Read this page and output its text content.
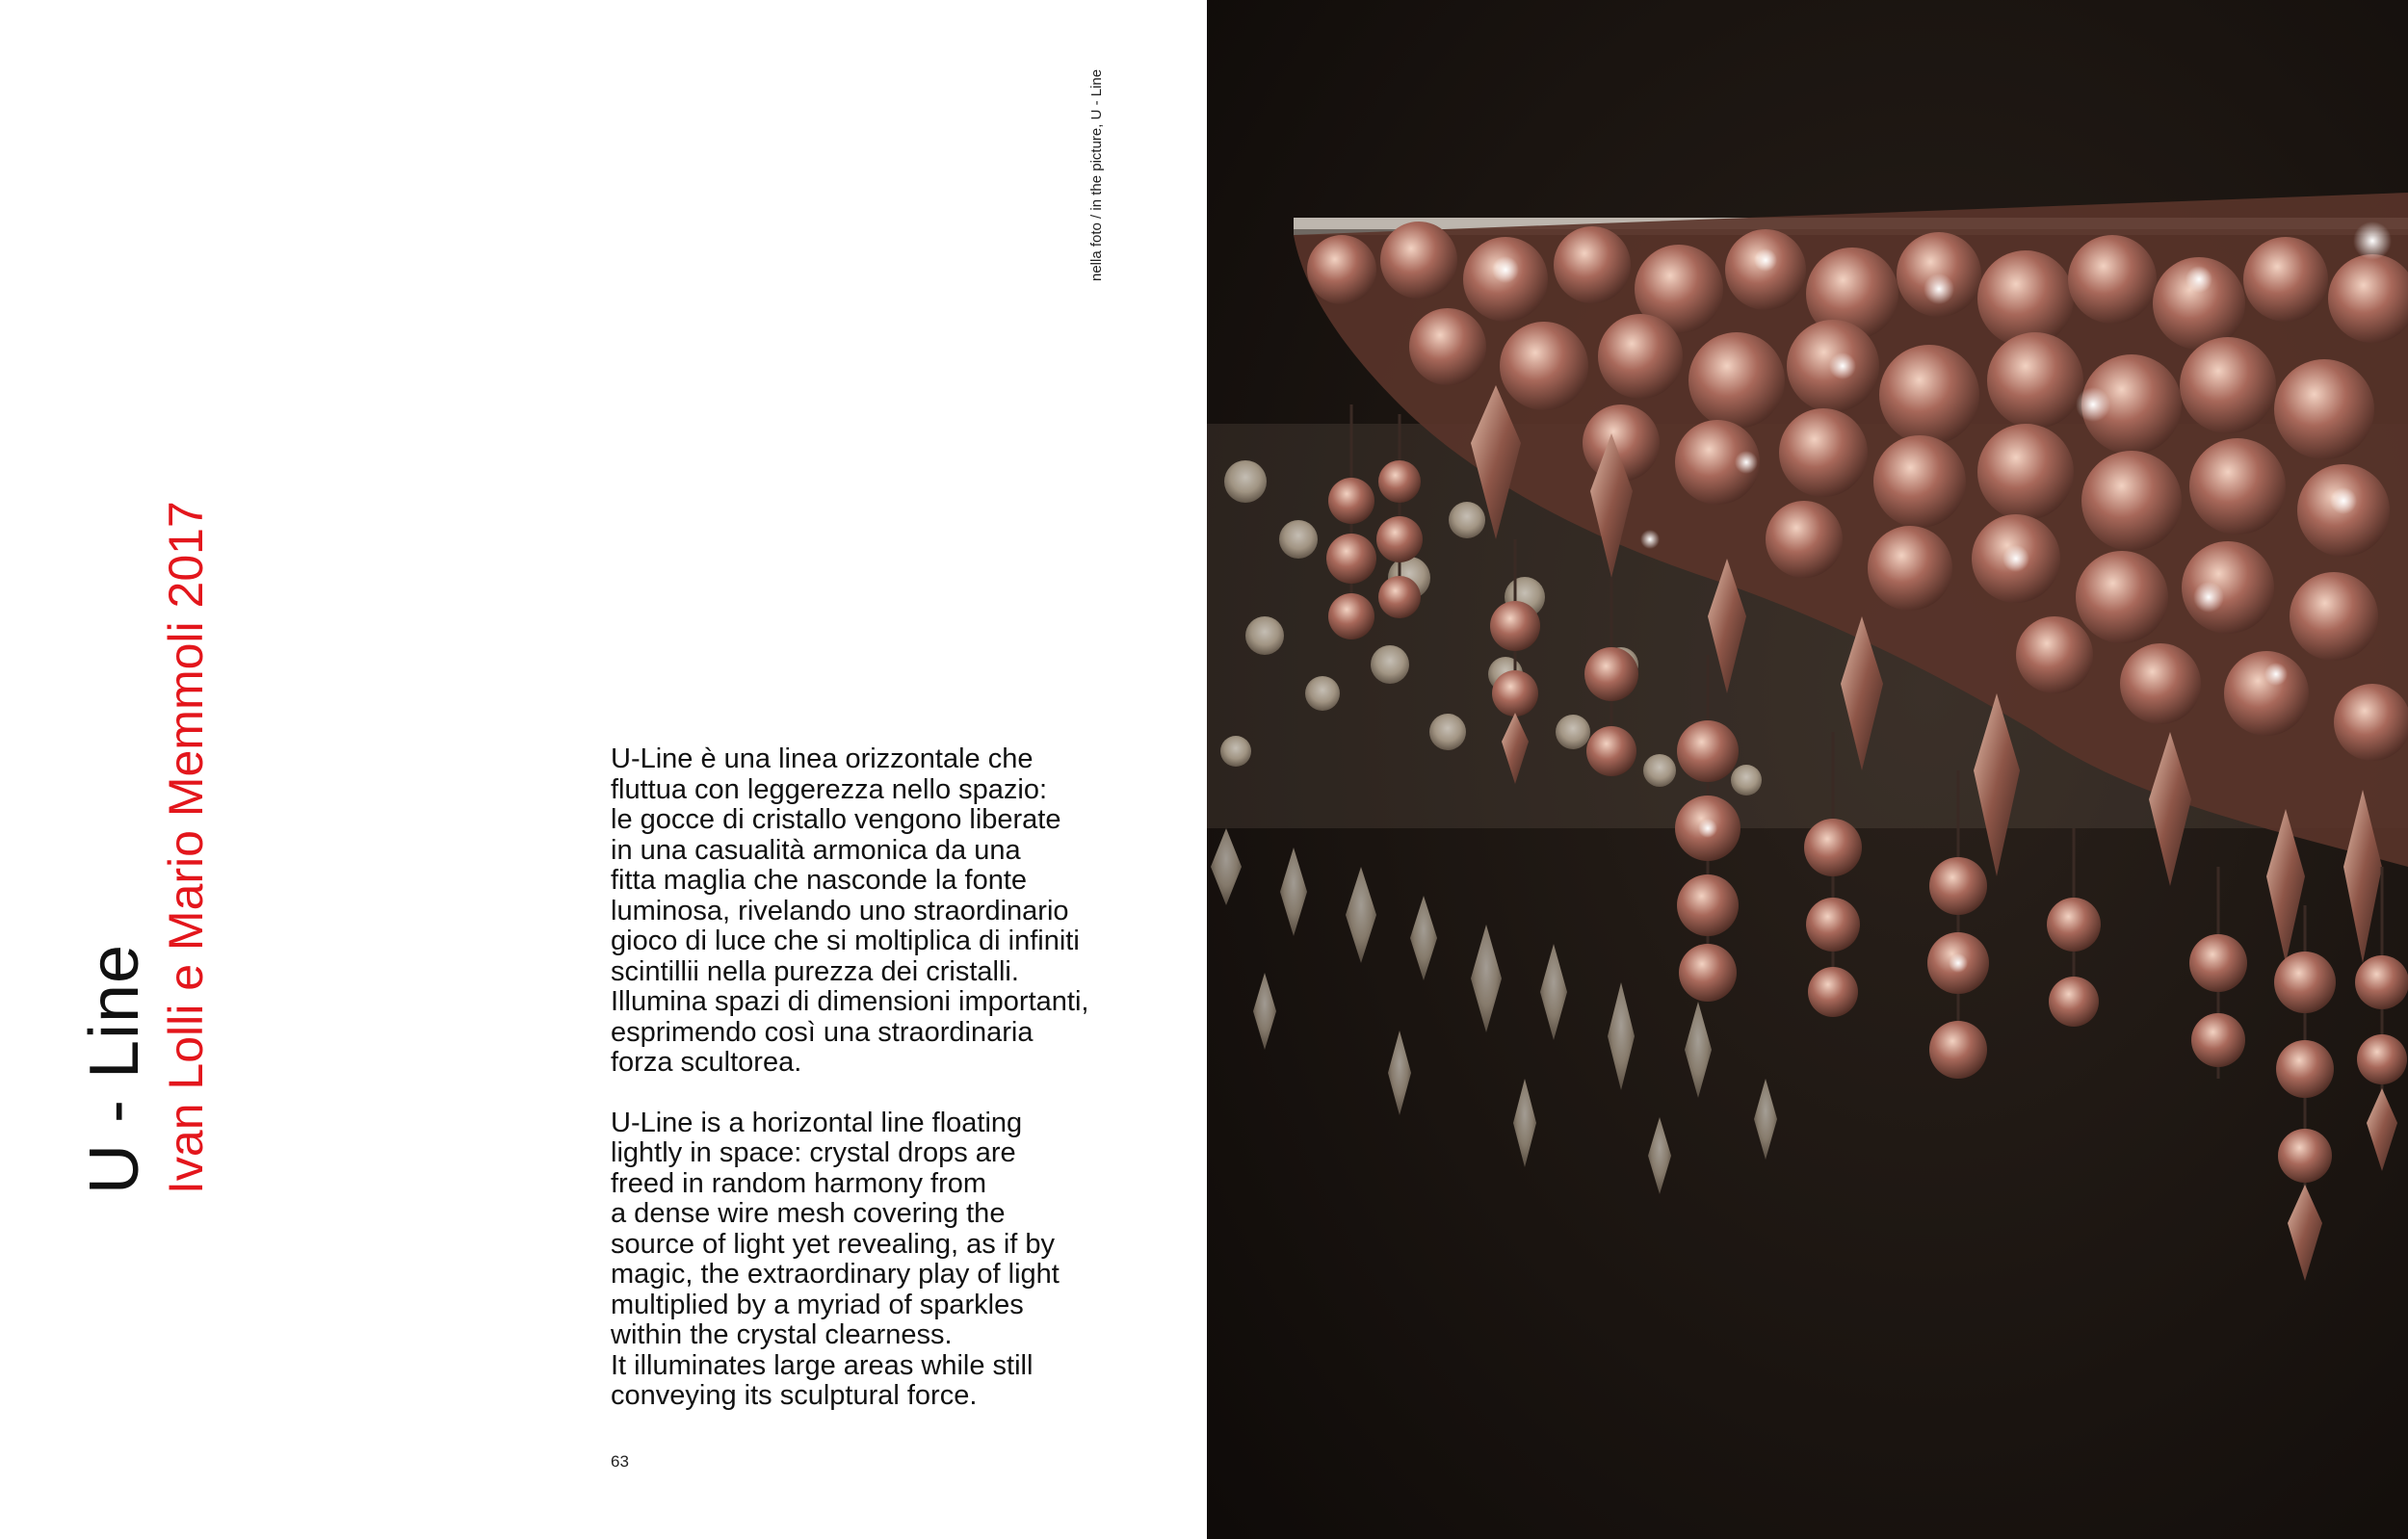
U - Line Ivan Lolli e Mario Memmoli 2017
nella foto / in the picture, U - Line

U-Line è una linea orizzontale che
fluttua con leggerezza nello spazio:
le gocce di cristallo vengono liberate
in una casualità armonica da una
fitta maglia che nasconde la fonte
luminosa, rivelando uno straordinario
gioco di luce che si moltiplica di infiniti
scintillii nella purezza dei cristalli.
Illumina spazi di dimensioni importanti,
esprimendo così una straordinaria
forza scultorea.

U-Line is a horizontal line floating
lightly in space: crystal drops are
freed in random harmony from
a dense wire mesh covering the
source of light yet revealing, as if by
magic, the extraordinary play of light
multiplied by a myriad of sparkles
within the crystal clearness.
It illuminates large areas while still
conveying its sculptural force.

63
